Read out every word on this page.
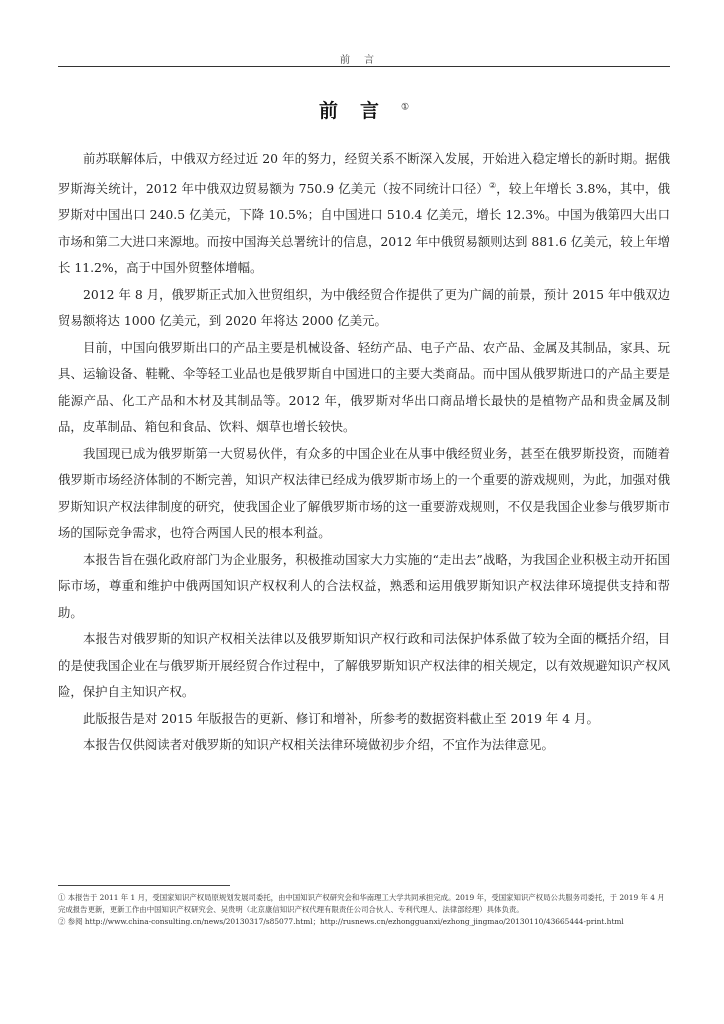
前言
前言①

前苏联解体后，中俄双方经过近 20 年的努力，经贸关系不断深入发展，开始进入稳定增长的新时期。据俄罗斯海关统计，2012 年中俄双边贸易额为 750.9 亿美元（按不同统计口径）②，较上年增长 3.8%，其中，俄罗斯对中国出口 240.5 亿美元，下降 10.5%；自中国进口 510.4 亿美元，增长 12.3%。中国为俄第四大出口市场和第二大进口来源地。而按中国海关总署统计的信息，2012 年中俄贸易额则达到 881.6 亿美元，较上年增长 11.2%，高于中国外贸整体增幅。

2012 年 8 月，俄罗斯正式加入世贸组织，为中俄经贸合作提供了更为广阔的前景，预计 2015 年中俄双边贸易额将达 1000 亿美元，到 2020 年将达 2000 亿美元。

目前，中国向俄罗斯出口的产品主要是机械设备、轻纺产品、电子产品、农产品、金属及其制品，家具、玩具、运输设备、鞋靴、伞等轻工业品也是俄罗斯自中国进口的主要大类商品。而中国从俄罗斯进口的产品主要是能源产品、化工产品和木材及其制品等。2012 年，俄罗斯对华出口商品增长最快的是植物产品和贵金属及制品，皮革制品、箱包和食品、饮料、烟草也增长较快。

我国现已成为俄罗斯第一大贸易伙伴，有众多的中国企业在从事中俄经贸业务，甚至在俄罗斯投资，而随着俄罗斯市场经济体制的不断完善，知识产权法律已经成为俄罗斯市场上的一个重要的游戏规则，为此，加强对俄罗斯知识产权法律制度的研究，使我国企业了解俄罗斯市场的这一重要游戏规则，不仅是我国企业参与俄罗斯市场的国际竞争需求，也符合两国人民的根本利益。

本报告旨在强化政府部门为企业服务，积极推动国家大力实施的“走出去”战略，为我国企业积极主动开拓国际市场，尊重和维护中俄两国知识产权权利人的合法权益，熟悉和运用俄罗斯知识产权法律环境提供支持和帮助。

本报告对俄罗斯的知识产权相关法律以及俄罗斯知识产权行政和司法保护体系做了较为全面的概括介绍，目的是使我国企业在与俄罗斯开展经贸合作过程中，了解俄罗斯知识产权法律的相关规定，以有效规避知识产权风险，保护自主知识产权。

此版报告是对 2015 年版报告的更新、修订和增补，所参考的数据资料截止至 2019 年 4 月。

本报告仅供阅读者对俄罗斯的知识产权相关法律环境做初步介绍，不宜作为法律意见。

① 本报告于 2011 年 1 月，受国家知识产权局原规划发展司委托，由中国知识产权研究会和华南理工大学共同承担完成。2019 年，受国家知识产权局公共服务司委托，于 2019 年 4 月完成报告更新，更新工作由中国知识产权研究会、吴贵明（北京康信知识产权代理有限责任公司合伙人、专利代理人、法律部经理）具体负责。

② 参阅 http://www.china-consulting.cn/news/20130317/s85077.html；http://rusnews.cn/ezhongguanxi/ezhong_jingmao/20130110/43665444-print.html
